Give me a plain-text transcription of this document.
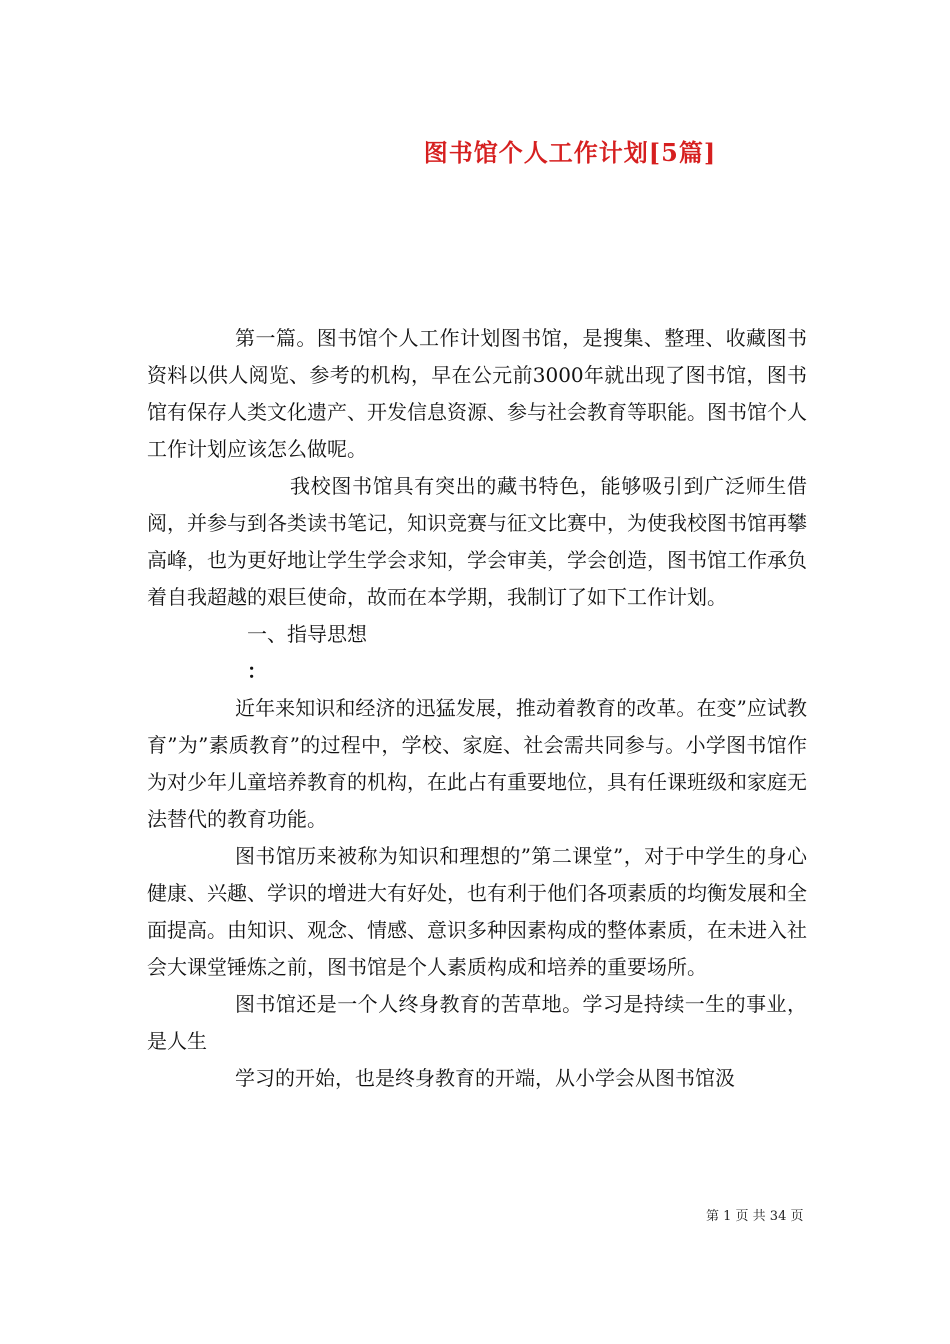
图书馆个人工作计划[5篇]

第一篇。图书馆个人工作计划图书馆，是搜集、整理、收藏图书资料以供人阅览、参考的机构，早在公元前3000年就出现了图书馆，图书馆有保存人类文化遗产、开发信息资源、参与社会教育等职能。图书馆个人工作计划应该怎么做呢。

我校图书馆具有突出的藏书特色，能够吸引到广泛师生借阅，并参与到各类读书笔记，知识竞赛与征文比赛中，为使我校图书馆再攀高峰，也为更好地让学生学会求知，学会审美，学会创造，图书馆工作承负着自我超越的艰巨使命，故而在本学期，我制订了如下工作计划。

一、指导思想

：

近年来知识和经济的迅猛发展，推动着教育的改革。在变”应试教育”为”素质教育”的过程中，学校、家庭、社会需共同参与。小学图书馆作为对少年儿童培养教育的机构，在此占有重要地位，具有任课班级和家庭无法替代的教育功能。

图书馆历来被称为知识和理想的”第二课堂”，对于中学生的身心健康、兴趣、学识的增进大有好处，也有利于他们各项素质的均衡发展和全面提高。由知识、观念、情感、意识多种因素构成的整体素质，在未进入社会大课堂锤炼之前，图书馆是个人素质构成和培养的重要场所。

图书馆还是一个人终身教育的苦草地。学习是持续一生的事业，是人生

学习的开始，也是终身教育的开端，从小学会从图书馆汲

第 1 页 共 34 页
